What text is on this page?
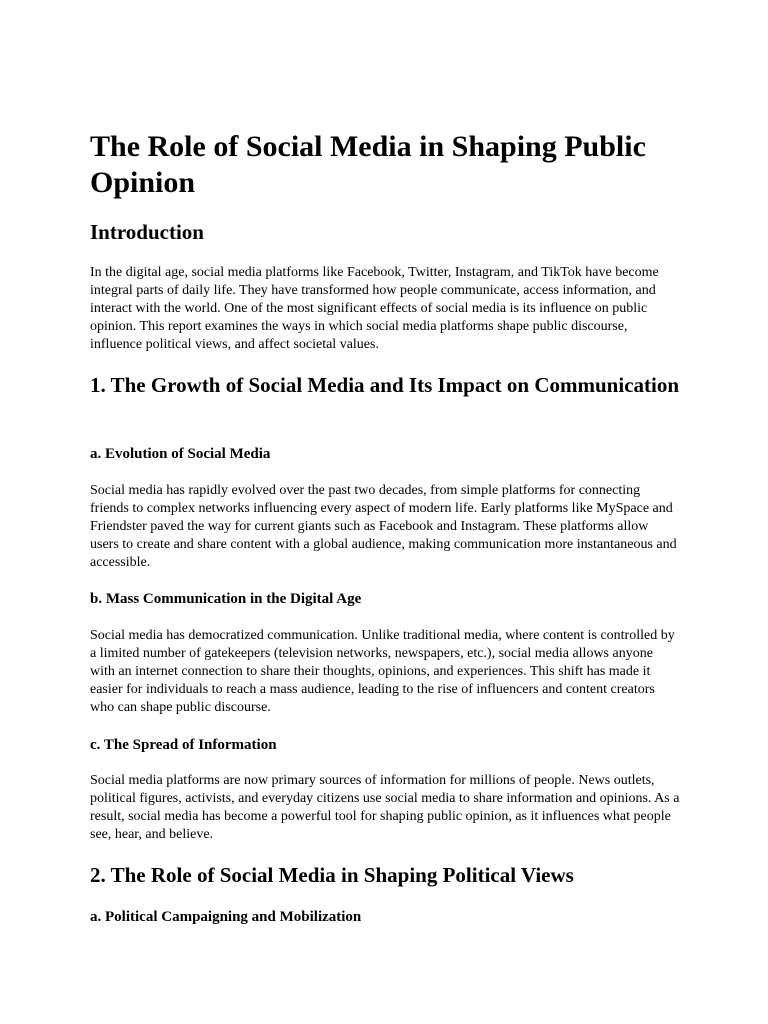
The Role of Social Media in Shaping Public Opinion
Introduction

In the digital age, social media platforms like Facebook, Twitter, Instagram, and TikTok have become integral parts of daily life. They have transformed how people communicate, access information, and interact with the world. One of the most significant effects of social media is its influence on public opinion. This report examines the ways in which social media platforms shape public discourse, influence political views, and affect societal values.

1. The Growth of Social Media and Its Impact on Communication
a. Evolution of Social Media

Social media has rapidly evolved over the past two decades, from simple platforms for connecting friends to complex networks influencing every aspect of modern life. Early platforms like MySpace and Friendster paved the way for current giants such as Facebook and Instagram. These platforms allow users to create and share content with a global audience, making communication more instantaneous and accessible.

b. Mass Communication in the Digital Age

Social media has democratized communication. Unlike traditional media, where content is controlled by a limited number of gatekeepers (television networks, newspapers, etc.), social media allows anyone with an internet connection to share their thoughts, opinions, and experiences. This shift has made it easier for individuals to reach a mass audience, leading to the rise of influencers and content creators who can shape public discourse.

c. The Spread of Information

Social media platforms are now primary sources of information for millions of people. News outlets, political figures, activists, and everyday citizens use social media to share information and opinions. As a result, social media has become a powerful tool for shaping public opinion, as it influences what people see, hear, and believe.

2. The Role of Social Media in Shaping Political Views
a. Political Campaigning and Mobilization
